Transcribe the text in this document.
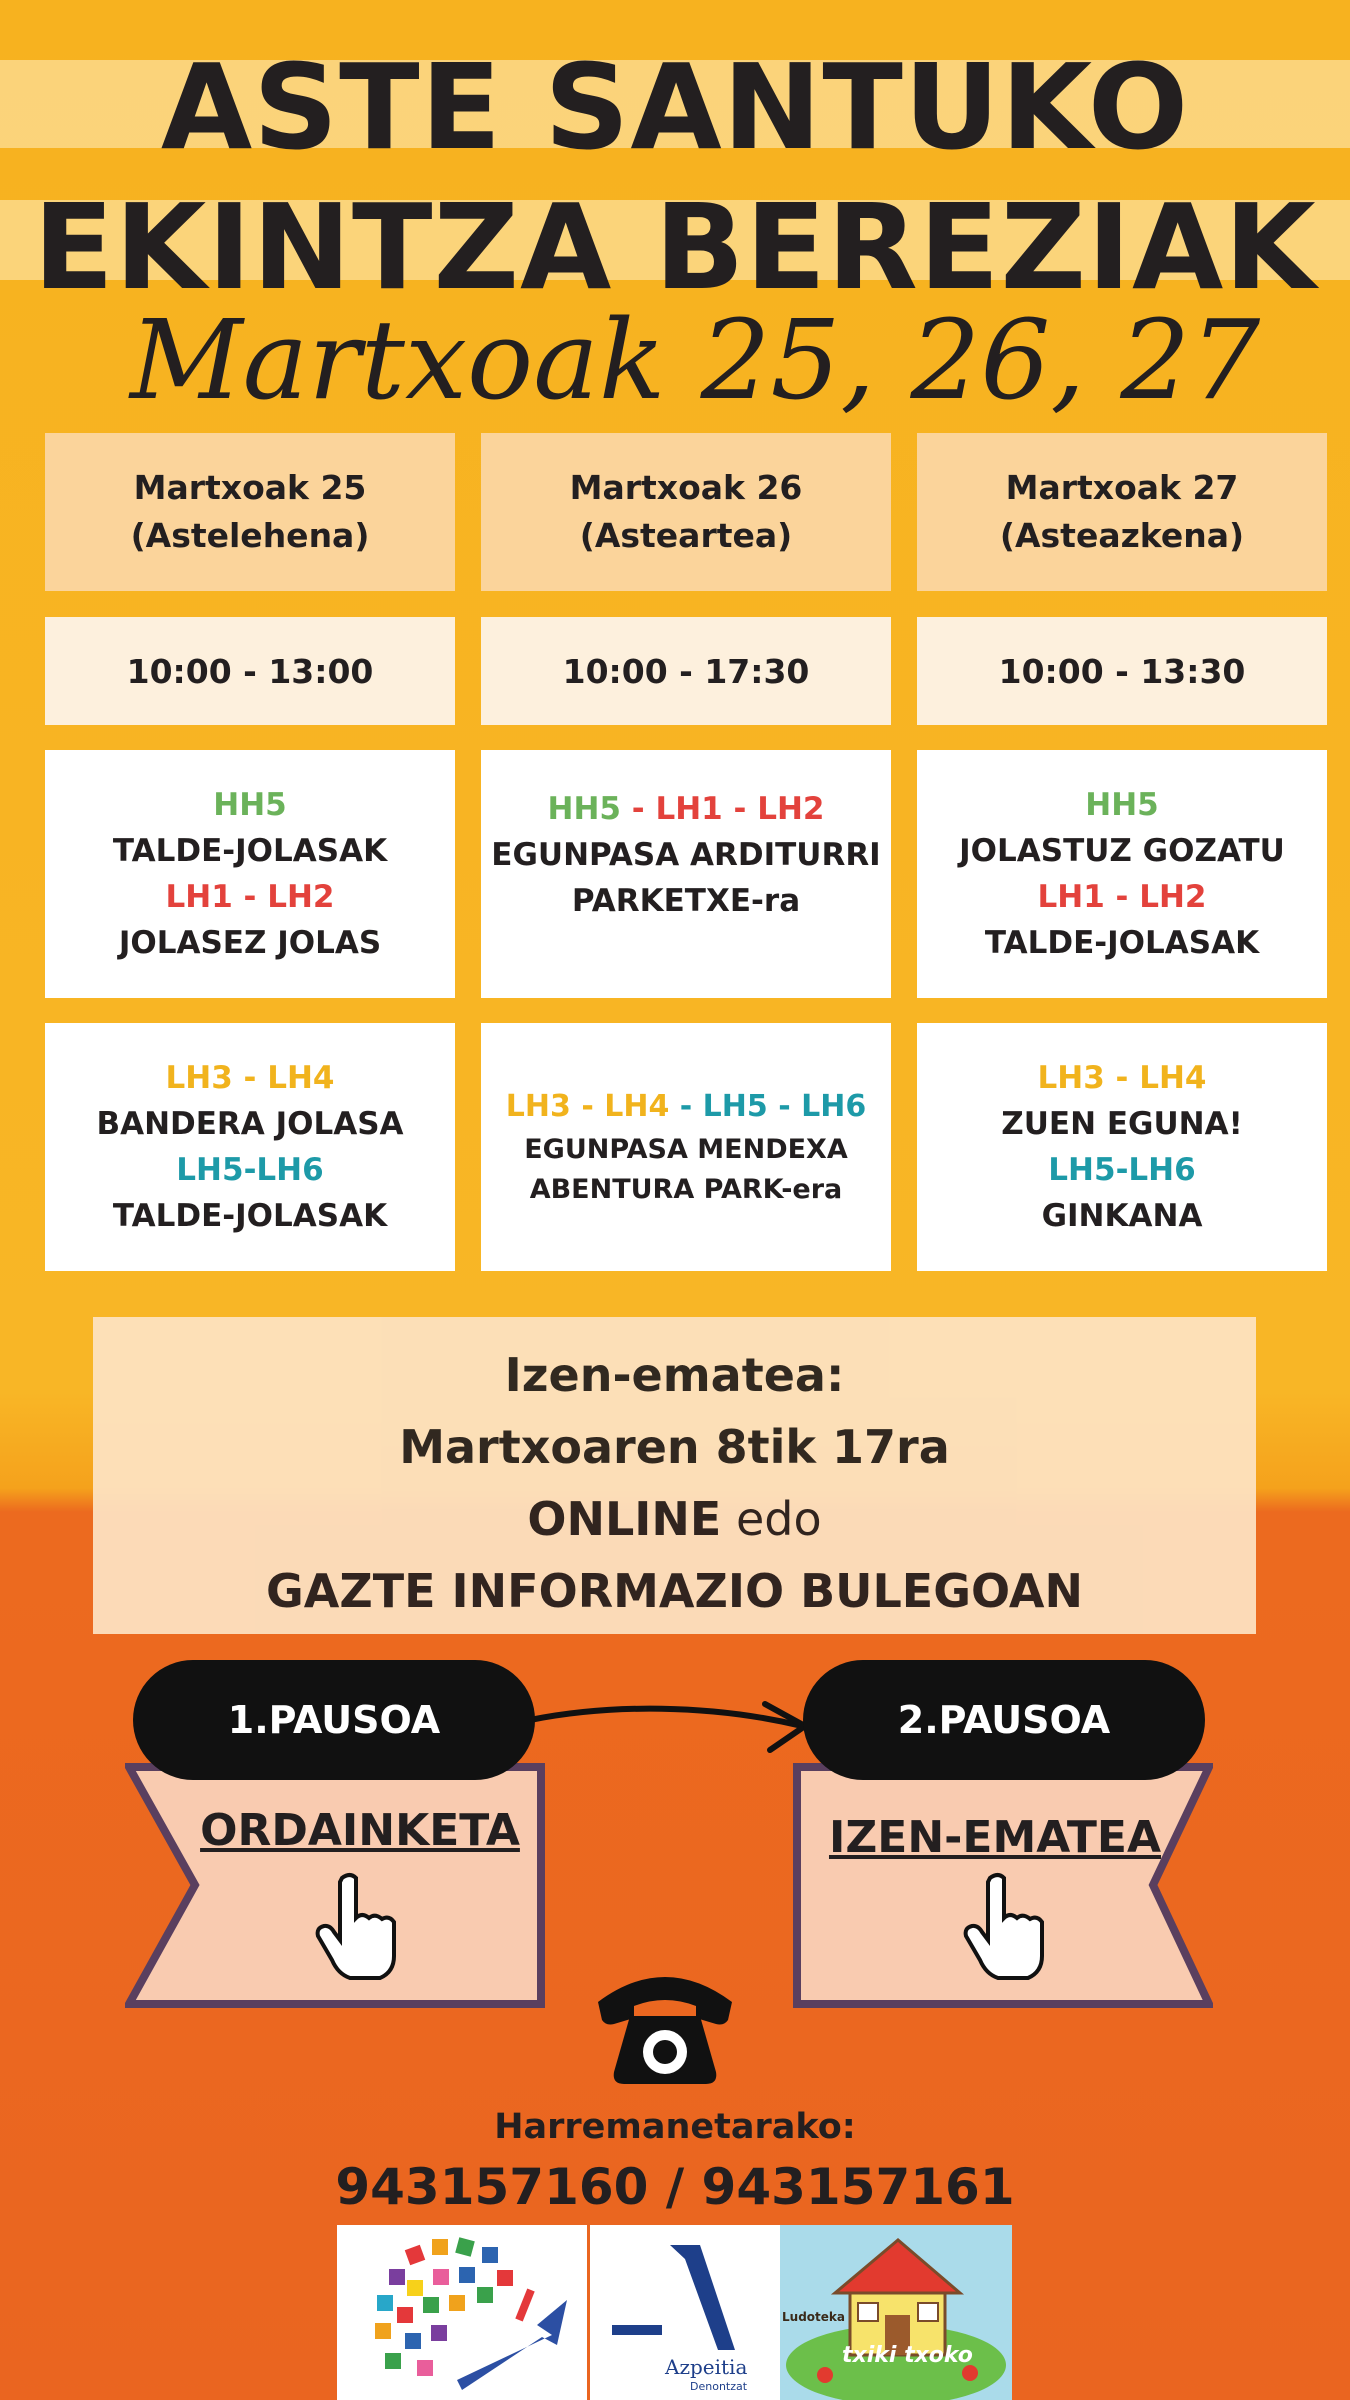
ASTE SANTUKO
EKINTZA BEREZIAK
Martxoak 25, 26, 27
Martxoak 25
(Astelehena)
10:00 - 13:00
HH5
TALDE-JOLASAK
LH1 - LH2
JOLASEZ JOLAS
LH3 - LH4
BANDERA JOLASA
LH5-LH6
TALDE-JOLASAK
Martxoak 26
(Asteartea)
10:00 - 17:30
HH5 - LH1 - LH2
EGUNPASA ARDITURRI
PARKETXE-ra
LH3 - LH4 - LH5 - LH6
EGUNPASA MENDEXA
ABENTURA PARK-era
Martxoak 27
(Asteazkena)
10:00 - 13:30
HH5
JOLASTUZ GOZATU
LH1 - LH2
TALDE-JOLASAK
LH3 - LH4
ZUEN EGUNA!
LH5-LH6
GINKANA
Izen-ematea:
Martxoaren 8tik 17ra
ONLINE edo
GAZTE INFORMAZIO BULEGOAN
1.PAUSOA
ORDAINKETA
2.PAUSOA
IZEN-EMATEA
Harremanetarako:
943157160 / 943157161
Azpeitia
Denontzat
Ludoteka
txiki txoko
